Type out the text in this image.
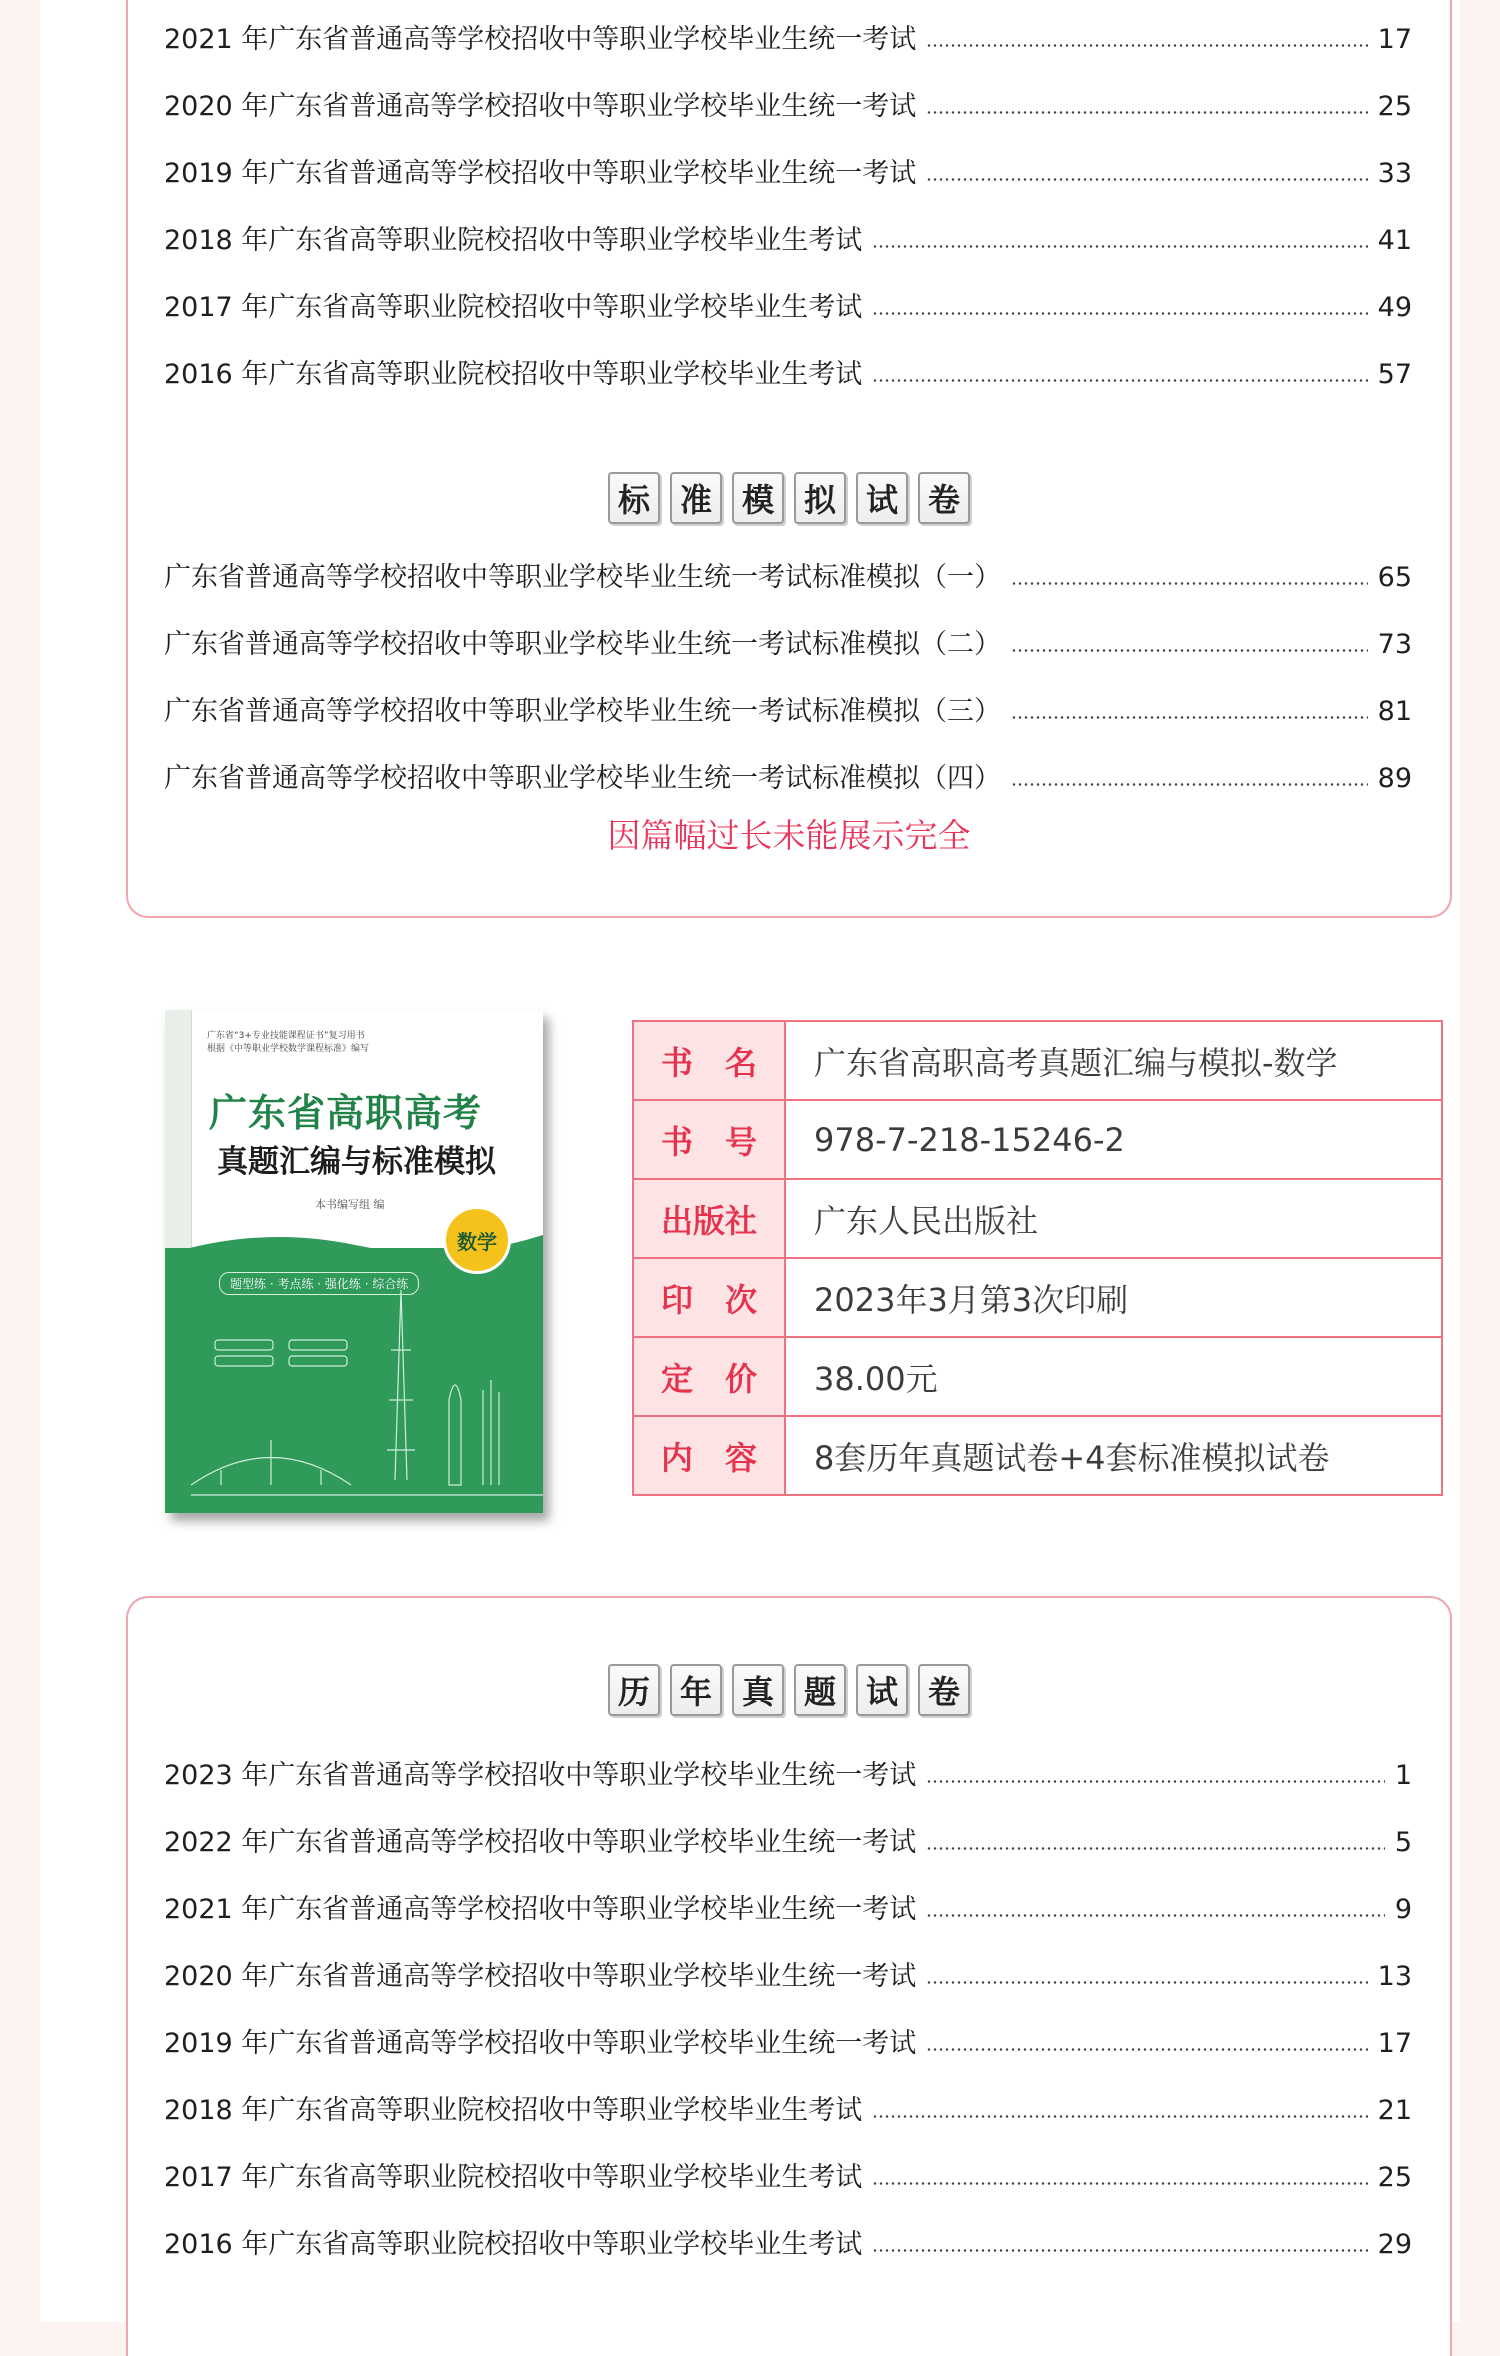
2021 年广东省普通高等学校招收中等职业学校毕业生统一考试	17
2020 年广东省普通高等学校招收中等职业学校毕业生统一考试	25
2019 年广东省普通高等学校招收中等职业学校毕业生统一考试	33
2018 年广东省高等职业院校招收中等职业学校毕业生考试	41
2017 年广东省高等职业院校招收中等职业学校毕业生考试	49
2016 年广东省高等职业院校招收中等职业学校毕业生考试	57
标 准 模 拟 试 卷
广东省普通高等学校招收中等职业学校毕业生统一考试标准模拟（一）	65
广东省普通高等学校招收中等职业学校毕业生统一考试标准模拟（二）	73
广东省普通高等学校招收中等职业学校毕业生统一考试标准模拟（三）	81
广东省普通高等学校招收中等职业学校毕业生统一考试标准模拟（四）	89
因篇幅过长未能展示完全
广东省“3+专业技能课程证书”复习用书
根据《中等职业学校数学课程标准》编写
广东省高职高考
真题汇编与标准模拟
本书编写组 编
数学
题型练 · 考点练 · 强化练 · 综合练
书　名	广东省高职高考真题汇编与模拟-数学
书　号	978-7-218-15246-2
出版社	广东人民出版社
印　次	2023年3月第3次印刷
定　价	38.00元
内　容	8套历年真题试卷+4套标准模拟试卷
历 年 真 题 试 卷
2023 年广东省普通高等学校招收中等职业学校毕业生统一考试	1
2022 年广东省普通高等学校招收中等职业学校毕业生统一考试	5
2021 年广东省普通高等学校招收中等职业学校毕业生统一考试	9
2020 年广东省普通高等学校招收中等职业学校毕业生统一考试	13
2019 年广东省普通高等学校招收中等职业学校毕业生统一考试	17
2018 年广东省高等职业院校招收中等职业学校毕业生考试	21
2017 年广东省高等职业院校招收中等职业学校毕业生考试	25
2016 年广东省高等职业院校招收中等职业学校毕业生考试	29
